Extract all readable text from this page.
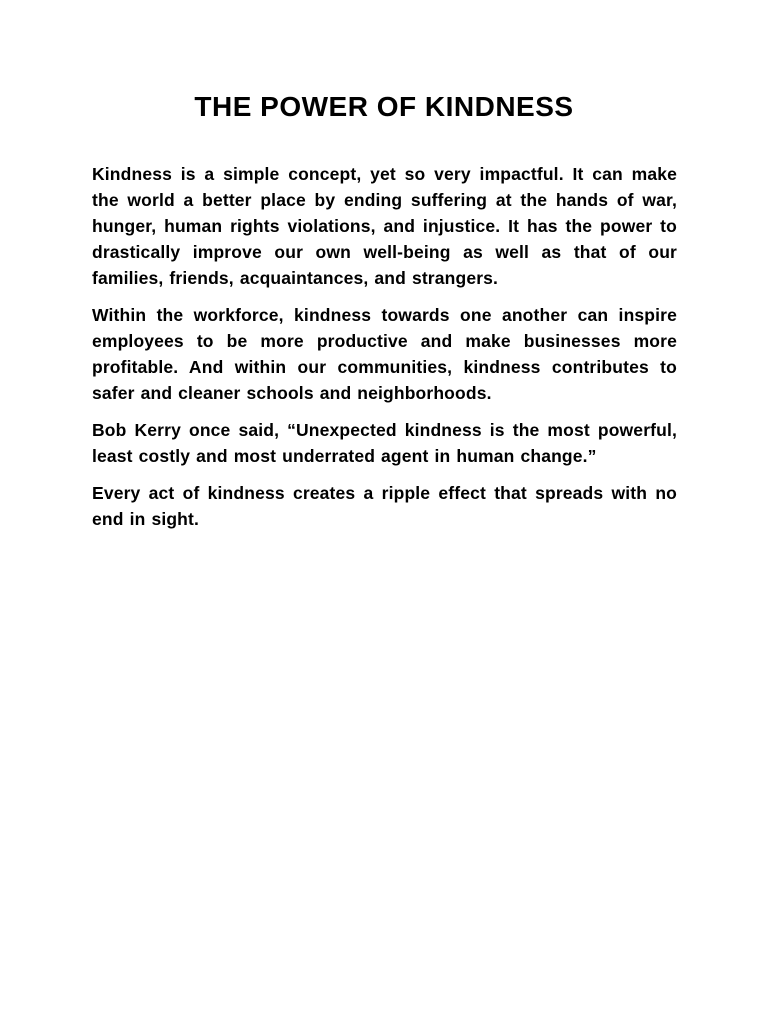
THE POWER OF KINDNESS

Kindness is a simple concept, yet so very impactful. It can make the world a better place by ending suffering at the hands of war, hunger, human rights violations, and injustice. It has the power to drastically improve our own well-being as well as that of our families, friends, acquaintances, and strangers.

Within the workforce, kindness towards one another can inspire employees to be more productive and make businesses more profitable. And within our communities, kindness contributes to safer and cleaner schools and neighborhoods.

Bob Kerry once said, “Unexpected kindness is the most powerful, least costly and most underrated agent in human change.”

Every act of kindness creates a ripple effect that spreads with no end in sight.
